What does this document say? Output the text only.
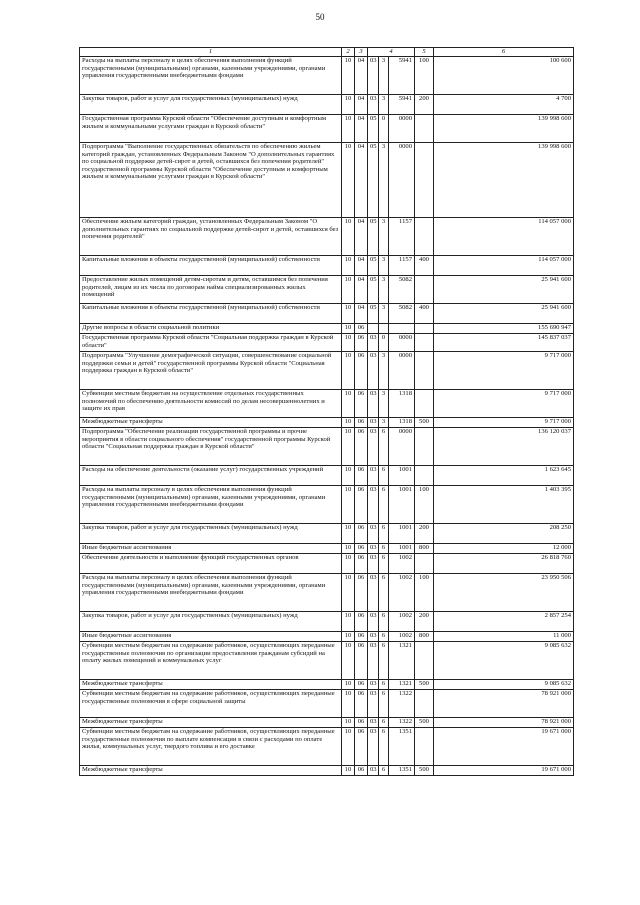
50
1	2	3	4			5	6
Расходы на выплаты персоналу в целях обеспечения выполнения функций государственными (муниципальными) органами, казенными учреждениями, органами управления государственными внебюджетными фондами	10	04	03	3	5941	100	100 600
Закупка товаров, работ и услуг для государственных (муниципальных) нужд	10	04	03	3	5941	200	4 700
Государственная программа Курской области "Обеспечение доступным и комфортным жильем и коммунальными услугами граждан в Курской области"	10	04	05	0	0000		139 998 600
Подпрограмма "Выполнение государственных обязательств по обеспечению жильем категорий граждан, установленных Федеральным Законом "О дополнительных гарантиях по социальной поддержке детей-сирот и детей, оставшихся без попечения родителей" государственной программы Курской области "Обеспечение доступным и комфортным жильем и коммунальными услугами граждан в Курской области"	10	04	05	3	0000		139 998 600
Обеспечение жильем категорий граждан, установленных Федеральным Законом "О дополнительных гарантиях по социальной поддержке детей-сирот и детей, оставшихся без попечения родителей"	10	04	05	3	1157		114 057 000
Капитальные вложения в объекты государственной (муниципальной) собственности	10	04	05	3	1157	400	114 057 000
Предоставление жилых помещений детям-сиротам и детям, оставшимся без попечения родителей, лицам из их числа по договорам найма специализированных жилых помещений	10	04	05	3	5082		25 941 600
Капитальные вложения в объекты государственной (муниципальной) собственности	10	04	05	3	5082	400	25 941 600
Другие вопросы в области социальной политики	10	06					155 690 947
Государственная программа Курской области "Социальная поддержка граждан в Курской области"	10	06	03	0	0000		145 837 037
Подпрограмма "Улучшение демографической ситуации, совершенствование социальной поддержки семьи и детей" государственной программы Курской области "Социальная поддержка граждан в Курской области"	10	06	03	3	0000		9 717 000
Субвенции местным бюджетам на осуществление отдельных государственных полномочий по обеспечению деятельности комиссий по делам несовершеннолетних и защите их прав	10	06	03	3	1318		9 717 000
Межбюджетные трансферты	10	06	03	3	1318	500	9 717 000
Подпрограмма "Обеспечение реализации государственной программы и прочие мероприятия в области социального обеспечения" государственной программы Курской области "Социальная поддержка граждан в Курской области"	10	06	03	6	0000		136 120 037
Расходы на обеспечение деятельности (оказание услуг) государственных учреждений	10	06	03	6	1001		1 623 645
Расходы на выплаты персоналу в целях обеспечения выполнения функций государственными (муниципальными) органами, казенными учреждениями, органами управления государственными внебюджетными фондами	10	06	03	6	1001	100	1 403 395
Закупка товаров, работ и услуг для государственных (муниципальных) нужд	10	06	03	6	1001	200	208 250
Иные бюджетные ассигнования	10	06	03	6	1001	800	12 000
Обеспечение деятельности и выполнение функций государственных органов	10	06	03	6	1002		26 818 760
Расходы на выплаты персоналу в целях обеспечения выполнения функций государственными (муниципальными) органами, казенными учреждениями, органами управления государственными внебюджетными фондами	10	06	03	6	1002	100	23 950 506
Закупка товаров, работ и услуг для государственных (муниципальных) нужд	10	06	03	6	1002	200	2 857 254
Иные бюджетные ассигнования	10	06	03	6	1002	800	11 000
Субвенции местным бюджетам на содержание работников, осуществляющих переданные государственные полномочия по организации предоставления гражданам субсидий на оплату жилых помещений и коммунальных услуг	10	06	03	6	1321		9 085 632
Межбюджетные трансферты	10	06	03	6	1321	500	9 085 632
Субвенции местным бюджетам на содержание работников, осуществляющих переданные государственные полномочия в сфере социальной защиты	10	06	03	6	1322		78 921 000
Межбюджетные трансферты	10	06	03	6	1322	500	78 921 000
Субвенции местным бюджетам на содержание работников, осуществляющих переданные государственные полномочия по выплате компенсации в связи с расходами по оплате жилья, коммунальных услуг, твердого топлива и его доставке	10	06	03	6	1351		19 671 000
Межбюджетные трансферты	10	06	03	6	1351	500	19 671 000
